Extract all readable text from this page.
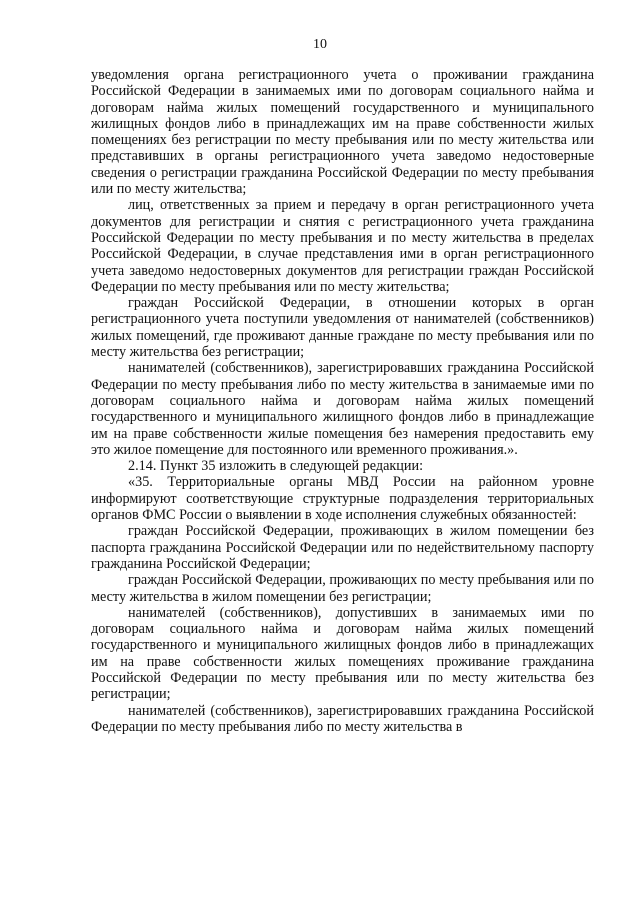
10

уведомления органа регистрационного учета о проживании гражданина Российской Федерации в занимаемых ими по договорам социального найма и договорам найма жилых помещений государственного и муниципального жилищных фондов либо в принадлежащих им на праве собственности жилых помещениях без регистрации по месту пребывания или по месту жительства или представивших в органы регистрационного учета заведомо недостоверные сведения о регистрации гражданина Российской Федерации по месту пребывания или по месту жительства;

лиц, ответственных за прием и передачу в орган регистрационного учета документов для регистрации и снятия с регистрационного учета гражданина Российской Федерации по месту пребывания и по месту жительства в пределах Российской Федерации, в случае представления ими в орган регистрационного учета заведомо недостоверных документов для регистрации граждан Российской Федерации по месту пребывания или по месту жительства;

граждан Российской Федерации, в отношении которых в орган регистрационного учета поступили уведомления от нанимателей (собственников) жилых помещений, где проживают данные граждане по месту пребывания или по месту жительства без регистрации;

нанимателей (собственников), зарегистрировавших гражданина Российской Федерации по месту пребывания либо по месту жительства в занимаемые ими по договорам социального найма и договорам найма жилых помещений государственного и муниципального жилищного фондов либо в принадлежащие им на праве собственности жилые помещения без намерения предоставить ему это жилое помещение для постоянного или временного проживания.».

2.14. Пункт 35 изложить в следующей редакции:

«35. Территориальные органы МВД России на районном уровне информируют соответствующие структурные подразделения территориальных органов ФМС России о выявлении в ходе исполнения служебных обязанностей:

граждан Российской Федерации, проживающих в жилом помещении без паспорта гражданина Российской Федерации или по недействительному паспорту гражданина Российской Федерации;

граждан Российской Федерации, проживающих по месту пребывания или по месту жительства в жилом помещении без регистрации;

нанимателей (собственников), допустивших в занимаемых ими по договорам социального найма и договорам найма жилых помещений государственного и муниципального жилищных фондов либо в принадлежащих им на праве собственности жилых помещениях проживание гражданина Российской Федерации по месту пребывания или по месту жительства без регистрации;

нанимателей (собственников), зарегистрировавших гражданина Российской Федерации по месту пребывания либо по месту жительства в
